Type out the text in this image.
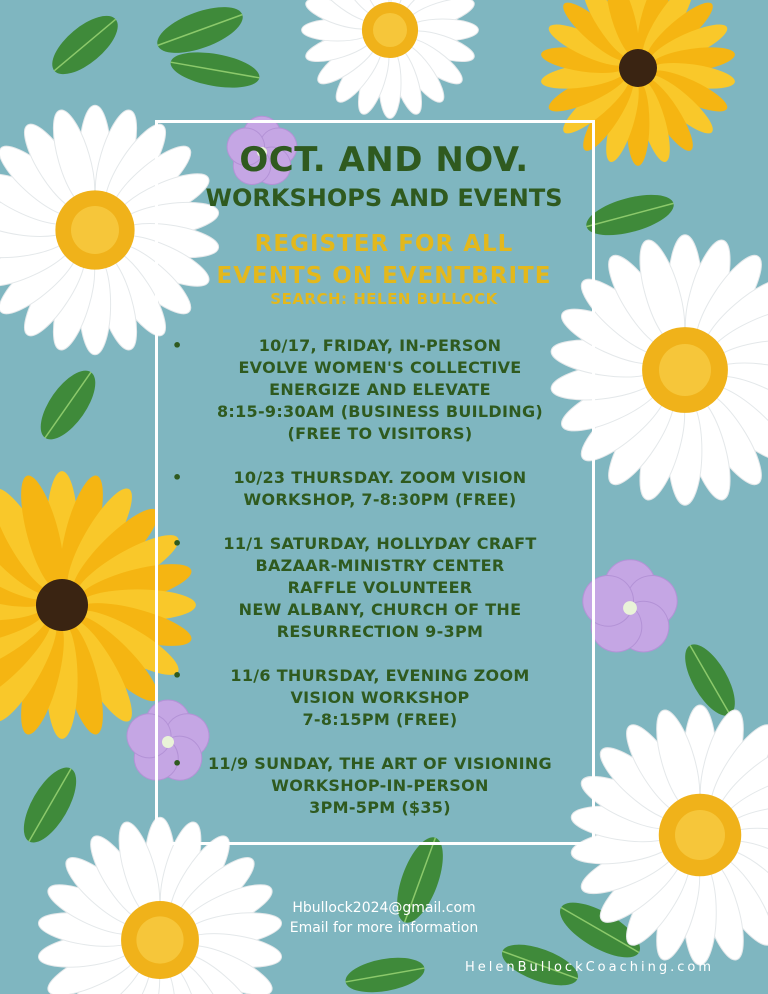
OCT. AND NOV.
WORKSHOPS AND EVENTS
REGISTER FOR ALL
EVENTS ON EVENTBRITE
SEARCH: HELEN BULLOCK
•	10/17, FRIDAY, IN-PERSON
EVOLVE WOMEN'S COLLECTIVE
ENERGIZE AND ELEVATE
8:15-9:30AM (BUSINESS BUILDING)
(FREE TO VISITORS)
•	10/23 THURSDAY. ZOOM VISION
WORKSHOP, 7-8:30PM (FREE)
•	11/1 SATURDAY, HOLLYDAY CRAFT
BAZAAR-MINISTRY CENTER
RAFFLE VOLUNTEER
NEW ALBANY, CHURCH OF THE
RESURRECTION 9-3PM
•	11/6 THURSDAY, EVENING ZOOM
VISION WORKSHOP
7-8:15PM (FREE)
•	11/9 SUNDAY, THE ART OF VISIONING
WORKSHOP-IN-PERSON
3PM-5PM ($35)
Hbullock2024@gmail.com
Email for more information
HelenBullockCoaching.com
